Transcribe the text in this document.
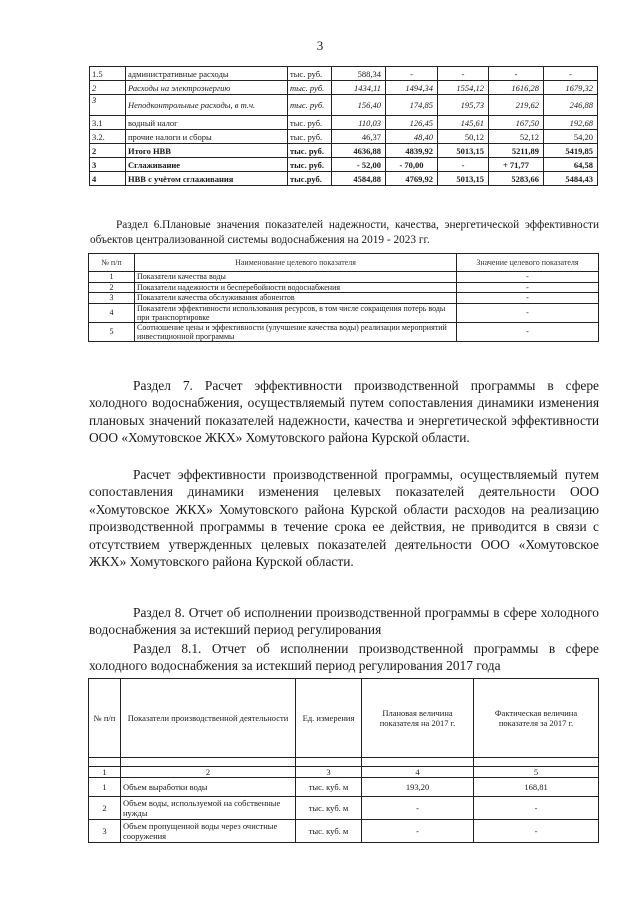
3
1.5	административные расходы	тыс. руб.	588,34	-	-	-	-
2	Расходы на электроэнергию	тыс. руб.	1434,11	1494,34	1554,12	1616,28	1679,32
3	Неподконтрольные расходы, в т.ч.	тыс. руб.	156,40	174,85	195,73	219,62	246,88
3.1	водный налог	тыс. руб.	110,03	126,45	145,61	167,50	192,68
3.2.	прочие налоги и сборы	тыс. руб.	46,37	48,40	50,12	52,12	54,20
2	Итого НВВ	тыс. руб.	4636,88	4839,92	5013,15	5211,89	5419,85
3	Сглаживание	тыс. руб.	- 52,00	- 70,00	-	+ 71,77	64,58
4	НВВ с учётом сглаживания	тыс.руб.	4584,88	4769,92	5013,15	5283,66	5484,43
Раздел 6.Плановые значения показателей надежности, качества, энергетической эффективности объектов централизованной системы водоснабжения на 2019 - 2023 гг.
№ п/п	Наименование целевого показателя	Значение целевого показателя
1	Показатели качества воды	-
2	Показатели надежности и бесперебойности водоснабжения	-
3	Показатели качества обслуживания абонентов	-
4	Показатели эффективности использования ресурсов, в том числе сокращения потерь воды при транспортировке	-
5	Соотношение цены и эффективности (улучшение качества воды) реализации мероприятий инвестиционной программы	-
Раздел 7. Расчет эффективности производственной программы в сфере холодного водоснабжения, осуществляемый путем сопоставления динамики изменения плановых значений показателей надежности, качества и энергетической эффективности ООО «Хомутовское ЖКХ» Хомутовского района Курской области.
Расчет эффективности производственной программы, осуществляемый путем сопоставления динамики изменения целевых показателей деятельности ООО «Хомутовское ЖКХ» Хомутовского района Курской области расходов на реализацию производственной программы в течение срока ее действия, не приводится в связи с отсутствием утвержденных целевых показателей деятельности ООО «Хомутовское ЖКХ» Хомутовского района Курской области.
Раздел 8. Отчет об исполнении производственной программы в сфере холодного водоснабжения за истекший период регулирования
Раздел 8.1. Отчет об исполнении производственной программы в сфере холодного водоснабжения за истекший период регулирования 2017 года
№ п/п	Показатели производственной деятельности	Ед. измерения	Плановая величина показателя на 2017 г.	Фактическая величина показателя за 2017 г.

1	2	3	4	5
1	Объем выработки воды	тыс. куб. м	193,20	168,81
2	Объем воды, используемой на собственные нужды	тыс. куб. м	-	-
3	Объем пропущенной воды через очистные сооружения	тыс. куб. м	-	-
